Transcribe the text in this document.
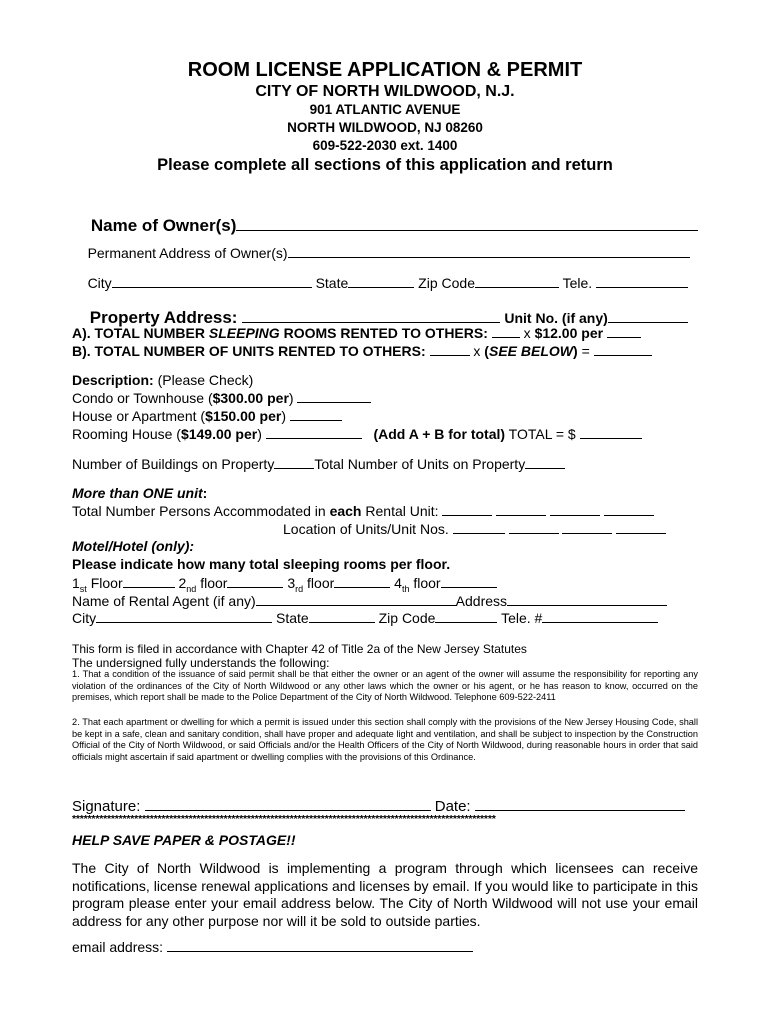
ROOM LICENSE APPLICATION & PERMIT
CITY OF NORTH WILDWOOD, N.J.
901 ATLANTIC AVENUE
NORTH WILDWOOD, NJ 08260
609-522-2030 ext. 1400
Please complete all sections of this application and return

Name of Owner(s)

Permanent Address of Owner(s)

City	State	Zip Code	Tele.

Property Address:	Unit No. (if any)

A). TOTAL NUMBER SLEEPING ROOMS RENTED TO OTHERS:	x $12.00 per
B). TOTAL NUMBER OF UNITS RENTED TO OTHERS:	x (SEE BELOW) =
Description: (Please Check)
Condo or Townhouse ($300.00 per)
House or Apartment ($150.00 per)
Rooming House ($149.00 per)	(Add A + B for total) TOTAL = $
Number of Buildings on Property	Total Number of Units on Property
More than ONE unit:
Total Number Persons Accommodated in each Rental Unit:
Location of Units/Unit Nos.
Motel/Hotel (only):
Please indicate how many total sleeping rooms per floor.
$1_{st}$ Floor	$2_{nd}$ floor	$3_{rd}$ floor	$4_{th}$ floor
Name of Rental Agent (if any)	Address
City	State	Zip Code	Tele. #
This form is filed in accordance with Chapter 42 of Title 2a of the New Jersey Statutes
The undersigned fully understands the following:
1. That a condition of the issuance of said permit shall be that either the owner or an agent of the owner will assume the responsibility for reporting any violation of the ordinances of the City of North Wildwood or any other laws which the owner or his agent, or he has reason to know, occurred on the premises, which report shall be made to the Police Department of the City of North Wildwood. Telephone 609-522-2411
2. That each apartment or dwelling for which a permit is issued under this section shall comply with the provisions of the New Jersey Housing Code, shall be kept in a safe, clean and sanitary condition, shall have proper and adequate light and ventilation, and shall be subject to inspection by the Construction Official of the City of North Wildwood, or said Officials and/or the Health Officers of the City of North Wildwood, during reasonable hours in order that said officials might ascertain if said apartment or dwelling complies with the provisions of this Ordinance.
Signature:	Date:
*************************************************************************************************************
HELP SAVE PAPER & POSTAGE!!
The City of North Wildwood is implementing a program through which licensees can receive notifications, license renewal applications and licenses by email. If you would like to participate in this program please enter your email address below. The City of North Wildwood will not use your email address for any other purpose nor will it be sold to outside parties.
email address:
